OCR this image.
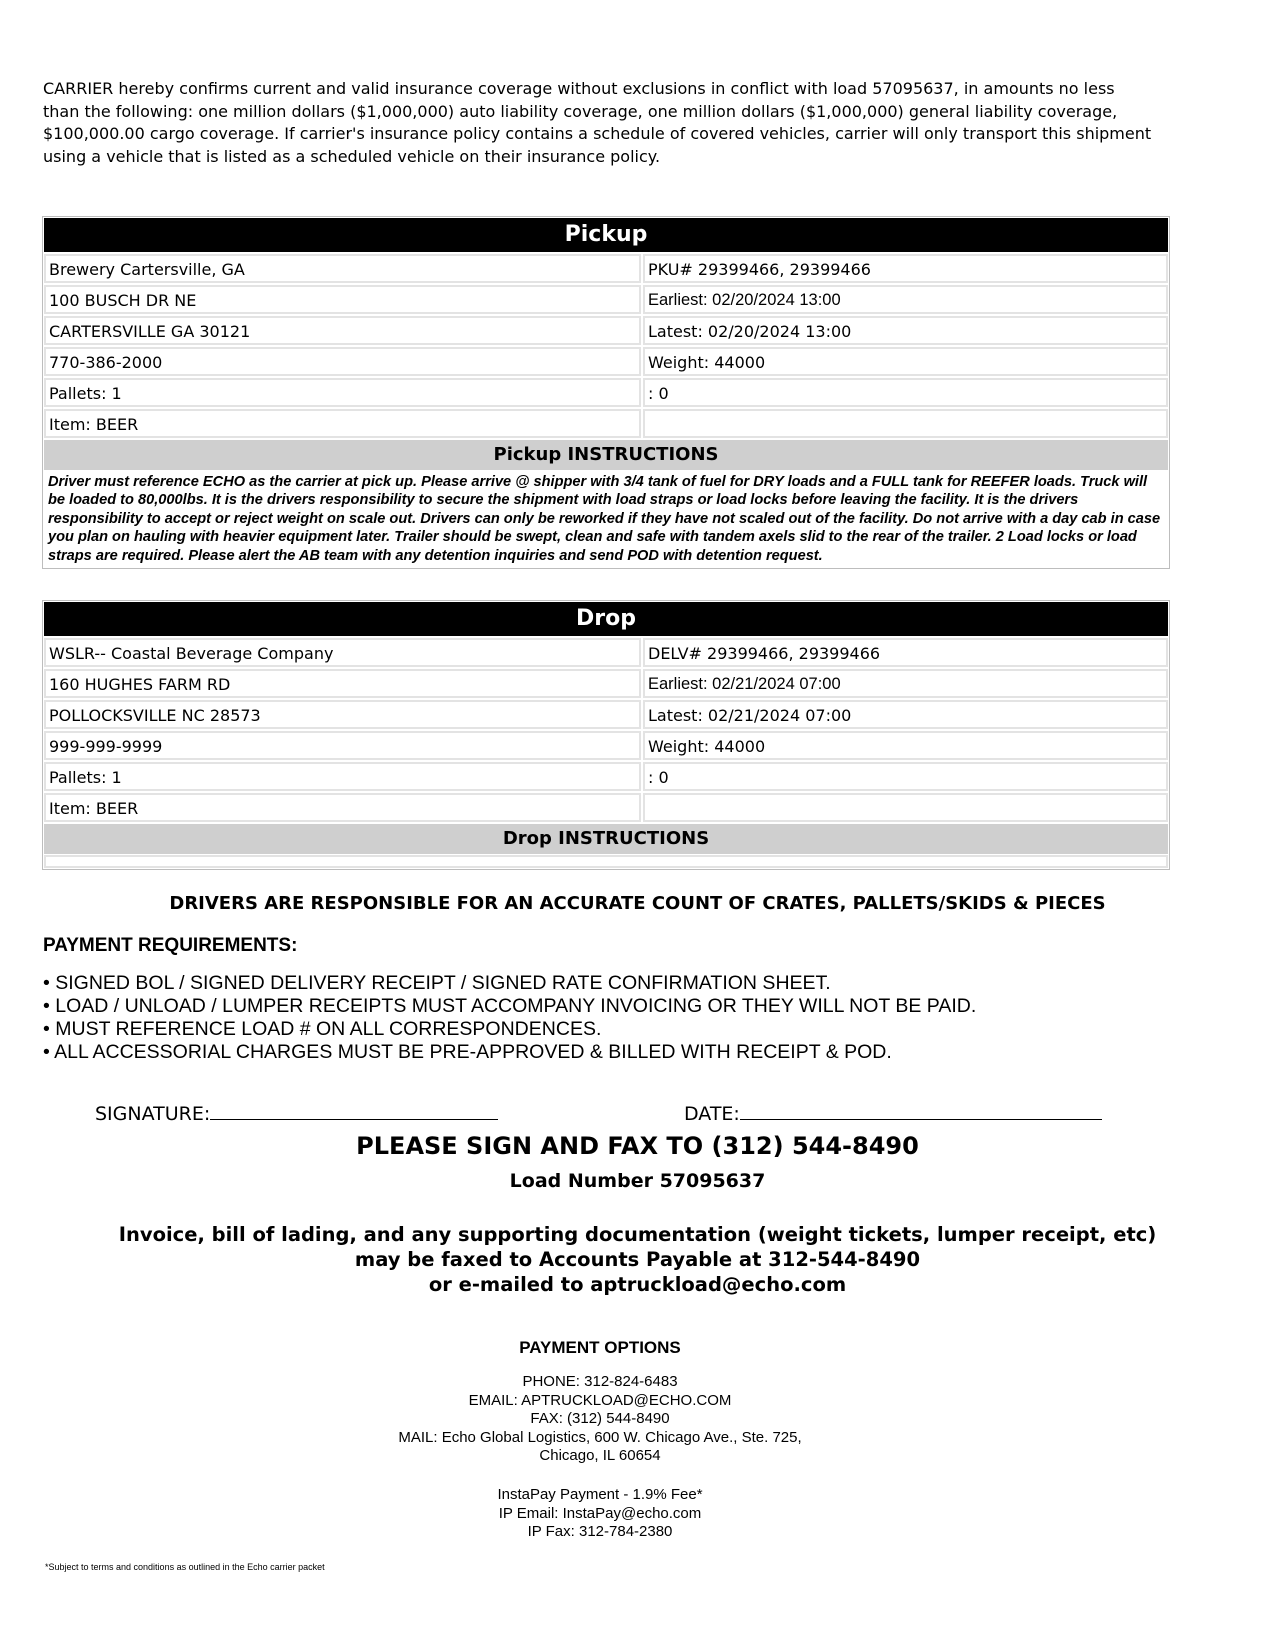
CARRIER hereby confirms current and valid insurance coverage without exclusions in conflict with load 57095637, in amounts no less than the following: one million dollars ($1,000,000) auto liability coverage, one million dollars ($1,000,000) general liability coverage, $100,000.00 cargo coverage. If carrier's insurance policy contains a schedule of covered vehicles, carrier will only transport this shipment using a vehicle that is listed as a scheduled vehicle on their insurance policy.

Pickup
Brewery Cartersville, GA	PKU# 29399466, 29399466
100 BUSCH DR NE	Earliest: 02/20/2024 13:00
CARTERSVILLE GA 30121	Latest: 02/20/2024 13:00
770-386-2000	Weight: 44000
Pallets: 1	: 0
Item: BEER
Pickup INSTRUCTIONS
Driver must reference ECHO as the carrier at pick up. Please arrive @ shipper with 3/4 tank of fuel for DRY loads and a FULL tank for REEFER loads. Truck will be loaded to 80,000lbs. It is the drivers responsibility to secure the shipment with load straps or load locks before leaving the facility. It is the drivers responsibility to accept or reject weight on scale out. Drivers can only be reworked if they have not scaled out of the facility. Do not arrive with a day cab in case you plan on hauling with heavier equipment later. Trailer should be swept, clean and safe with tandem axels slid to the rear of the trailer. 2 Load locks or load straps are required. Please alert the AB team with any detention inquiries and send POD with detention request.
Drop
WSLR-- Coastal Beverage Company	DELV# 29399466, 29399466
160 HUGHES FARM RD	Earliest: 02/21/2024 07:00
POLLOCKSVILLE NC 28573	Latest: 02/21/2024 07:00
999-999-9999	Weight: 44000
Pallets: 1	: 0
Item: BEER
Drop INSTRUCTIONS
DRIVERS ARE RESPONSIBLE FOR AN ACCURATE COUNT OF CRATES, PALLETS/SKIDS & PIECES
PAYMENT REQUIREMENTS:
• SIGNED BOL / SIGNED DELIVERY RECEIPT / SIGNED RATE CONFIRMATION SHEET.
• LOAD / UNLOAD / LUMPER RECEIPTS MUST ACCOMPANY INVOICING OR THEY WILL NOT BE PAID.
• MUST REFERENCE LOAD # ON ALL CORRESPONDENCES.
• ALL ACCESSORIAL CHARGES MUST BE PRE-APPROVED & BILLED WITH RECEIPT & POD.
SIGNATURE:	DATE:
PLEASE SIGN AND FAX TO (312) 544-8490
Load Number 57095637
Invoice, bill of lading, and any supporting documentation (weight tickets, lumper receipt, etc)
may be faxed to Accounts Payable at 312-544-8490
or e-mailed to aptruckload@echo.com
PAYMENT OPTIONS
PHONE: 312-824-6483
EMAIL: APTRUCKLOAD@ECHO.COM
FAX: (312) 544-8490
MAIL: Echo Global Logistics, 600 W. Chicago Ave., Ste. 725,
Chicago, IL 60654
InstaPay Payment - 1.9% Fee*
IP Email: InstaPay@echo.com
IP Fax: 312-784-2380
*Subject to terms and conditions as outlined in the Echo carrier packet
